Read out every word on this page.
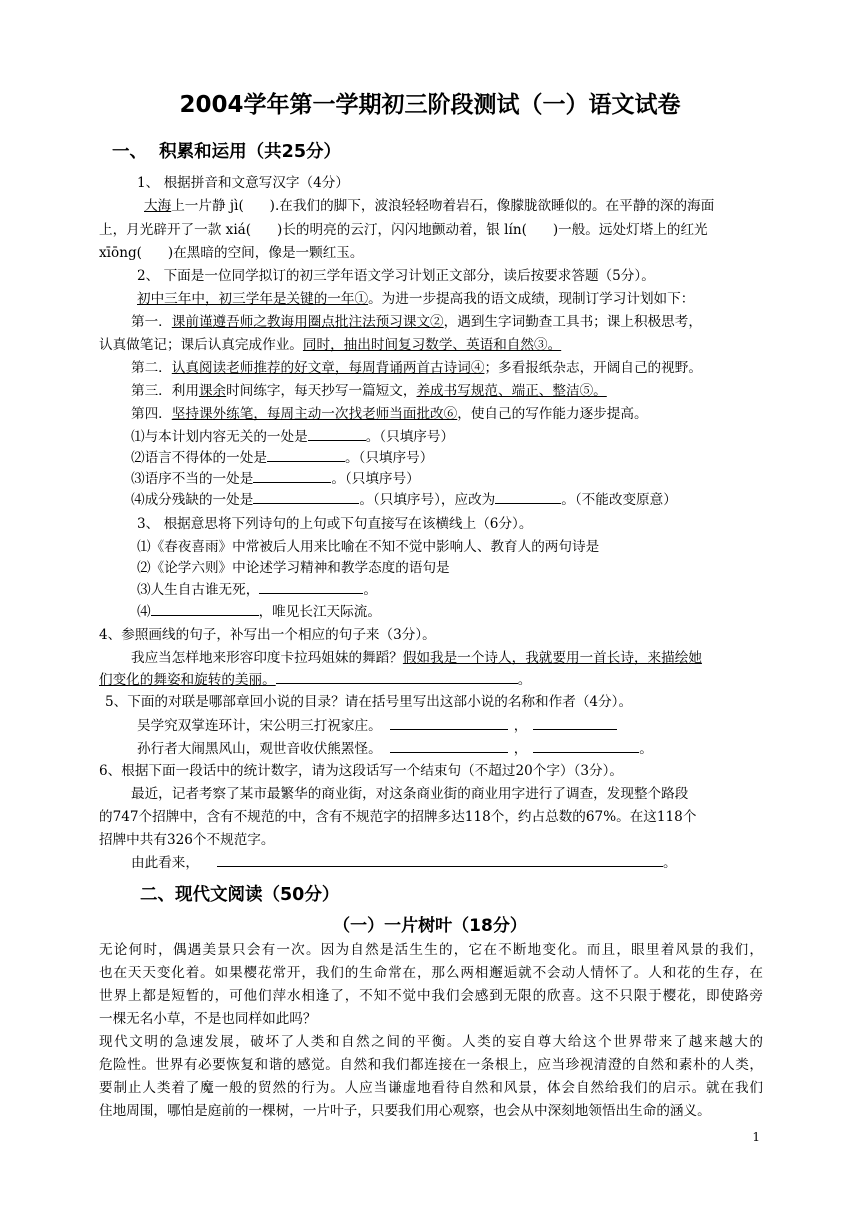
2004学年第一学期初三阶段测试（一）语文试卷
一、  积累和运用（共25分）
1、 根据拼音和文意写汉字（4分）
大海上一片静 jì(      ).在我们的脚下，波浪轻轻吻着岩石，像朦胧欲睡似的。在平静的深的海面
上，月光辟开了一款 xiá(      )长的明亮的云汀，闪闪地颤动着，银 lín(      )一般。远处灯塔上的红光
xīōng(      )在黑暗的空间，像是一颗红玉。
2、 下面是一位同学拟订的初三学年语文学习计划正文部分，读后按要求答题（5分）。
初中三年中，初三学年是关键的一年①。为进一步提高我的语文成绩，现制订学习计划如下：
第一．课前谨遵吾师之教诲用圈点批注法预习课文②，遇到生字词勤查工具书；课上积极思考，
认真做笔记；课后认真完成作业。同时，抽出时间复习数学、英语和自然③。
第二．认真阅读老师推荐的好文章，每周背诵两首古诗词④；多看报纸杂志，开阔自己的视野。
第三．利用课余时间练字，每天抄写一篇短文，养成书写规范、端正、整洁⑤。
第四．坚持课外练笔，每周主动一次找老师当面批改⑥，使自己的写作能力逐步提高。
⑴与本计划内容无关的一处是	。（只填序号）
⑵语言不得体的一处是	。（只填序号）
⑶语序不当的一处是	。（只填序号）
⑷成分残缺的一处是	。（只填序号），应改为	。（不能改变原意）
3、 根据意思将下列诗句的上句或下句直接写在该横线上（6分）。
⑴《春夜喜雨》中常被后人用来比喻在不知不觉中影响人、教育人的两句诗是
⑵《论学六则》中论述学习精神和教学态度的语句是
⑶人生自古谁无死，	。
⑷	，唯见长江天际流。
4、参照画线的句子，补写出一个相应的句子来（3分）。
我应当怎样地来形容印度卡拉玛姐妹的舞蹈？假如我是一个诗人，我就要用一首长诗，来描绘她
们变化的舞姿和旋转的美丽。	。
5、下面的对联是哪部章回小说的目录？请在括号里写出这部小说的名称和作者（4分）。
吴学究双掌连环计，宋公明三打祝家庄。	，
孙行者大闹黑风山，观世音收伏熊罴怪。	，	。
6、根据下面一段话中的统计数字，请为这段话写一个结束句（不超过20个字）（3分）。
最近，记者考察了某市最繁华的商业街，对这条商业街的商业用字进行了调查，发现整个路段
的747个招牌中，含有不规范的中，含有不规范字的招牌多达118个，约占总数的67%。在这118个
招牌中共有326个不规范字。
由此看来，	。
二、现代文阅读（50分）
（一）一片树叶（18分）
无论何时，偶遇美景只会有一次。因为自然是活生生的，它在不断地变化。而且，眼里着风景的我们，
也在天天变化着。如果樱花常开，我们的生命常在，那么两相邂逅就不会动人情怀了。人和花的生存，在
世界上都是短暂的，可他们萍水相逢了，不知不觉中我们会感到无限的欣喜。这不只限于樱花，即使路旁
一棵无名小草，不是也同样如此吗？
现代文明的急速发展，破坏了人类和自然之间的平衡。人类的妄自尊大给这个世界带来了越来越大的
危险性。世界有必要恢复和谐的感觉。自然和我们都连接在一条根上，应当珍视清澄的自然和素朴的人类，
要制止人类着了魔一般的贸然的行为。人应当谦虚地看待自然和风景，体会自然给我们的启示。就在我们
住地周围，哪怕是庭前的一棵树，一片叶子，只要我们用心观察，也会从中深刻地领悟出生命的涵义。
1
